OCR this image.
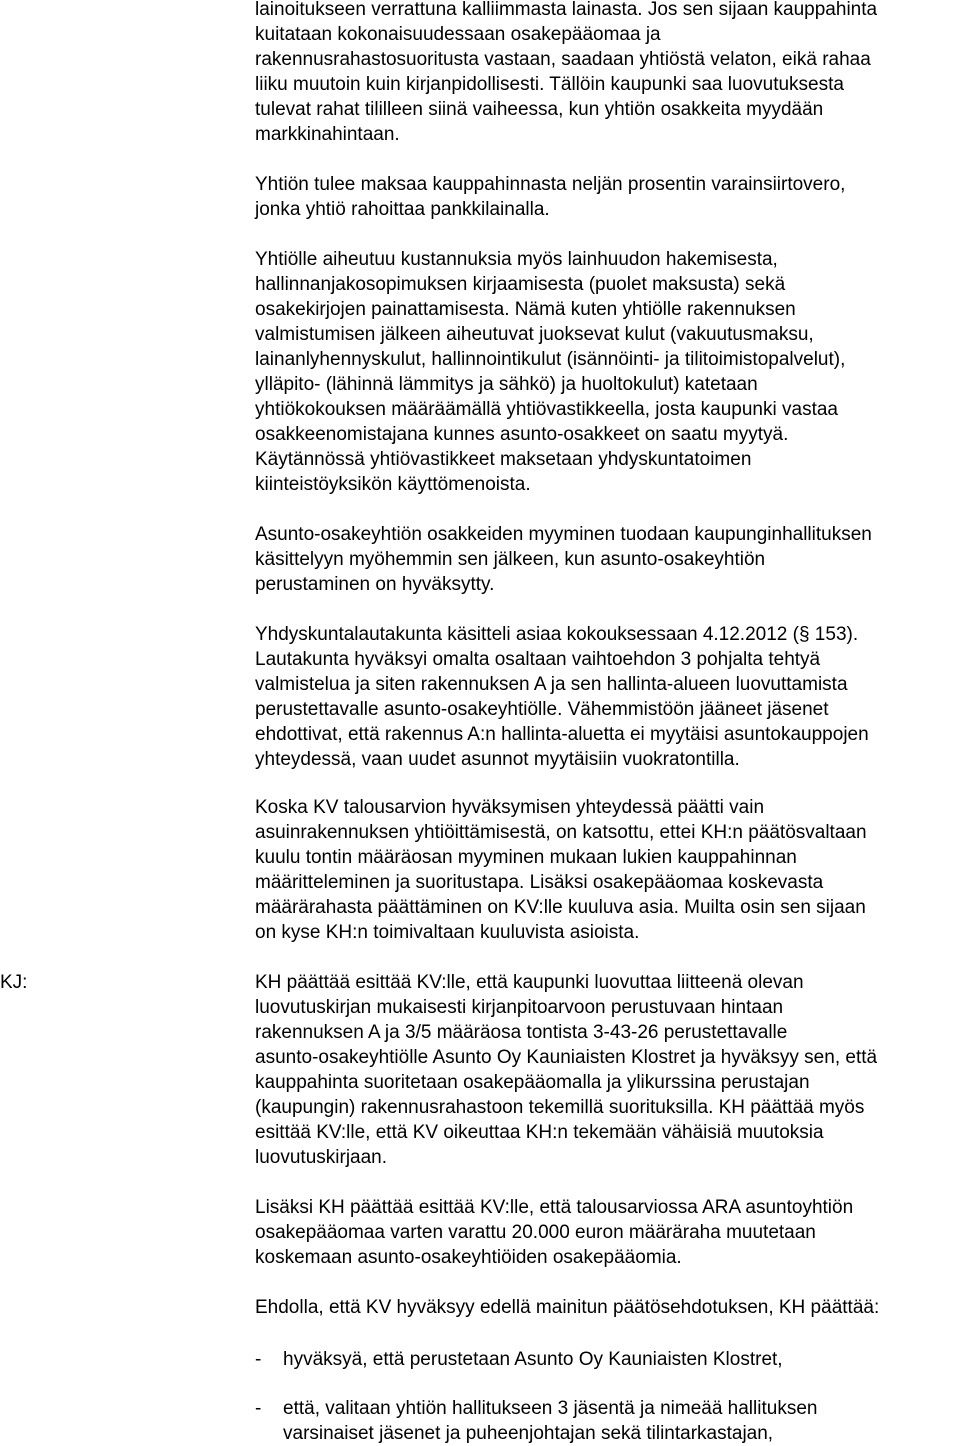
lainoitukseen verrattuna kalliimmasta lainasta. Jos sen sijaan kauppahinta
kuitataan kokonaisuudessaan osakepääomaa ja
rakennusrahastosuoritusta vastaan, saadaan yhtiöstä velaton, eikä rahaa
liiku muutoin kuin kirjanpidollisesti. Tällöin kaupunki saa luovutuksesta
tulevat rahat tililleen siinä vaiheessa, kun yhtiön osakkeita myydään
markkinahintaan.
Yhtiön tulee maksaa kauppahinnasta neljän prosentin varainsiirtovero,
jonka yhtiö rahoittaa pankkilainalla.
Yhtiölle aiheutuu kustannuksia myös lainhuudon hakemisesta,
hallinnanjakosopimuksen kirjaamisesta (puolet maksusta) sekä
osakekirjojen painattamisesta. Nämä kuten yhtiölle rakennuksen
valmistumisen jälkeen aiheutuvat juoksevat kulut (vakuutusmaksu,
lainanlyhennyskulut, hallinnointikulut (isännöinti- ja tilitoimistopalvelut),
ylläpito- (lähinnä lämmitys ja sähkö) ja huoltokulut) katetaan
yhtiökokouksen määräämällä yhtiövastikkeella, josta kaupunki vastaa
osakkeenomistajana kunnes asunto-osakkeet on saatu myytyä.
Käytännössä yhtiövastikkeet maksetaan yhdyskuntatoimen
kiinteistöyksikön käyttömenoista.
Asunto-osakeyhtiön osakkeiden myyminen tuodaan kaupunginhallituksen
käsittelyyn myöhemmin sen jälkeen, kun asunto-osakeyhtiön
perustaminen on hyväksytty.
Yhdyskuntalautakunta käsitteli asiaa kokouksessaan 4.12.2012 (§ 153).
Lautakunta hyväksyi omalta osaltaan vaihtoehdon 3 pohjalta tehtyä
valmistelua ja siten rakennuksen A ja sen hallinta-alueen luovuttamista
perustettavalle asunto-osakeyhtiölle. Vähemmistöön jääneet jäsenet
ehdottivat, että rakennus A:n hallinta-aluetta ei myytäisi asuntokauppojen
yhteydessä, vaan uudet asunnot myytäisiin vuokratontilla.
Koska KV talousarvion hyväksymisen yhteydessä päätti vain
asuinrakennuksen yhtiöittämisestä, on katsottu, ettei KH:n päätösvaltaan
kuulu tontin määräosan myyminen mukaan lukien kauppahinnan
määritteleminen ja suoritustapa. Lisäksi osakepääomaa koskevasta
määrärahasta päättäminen on KV:lle kuuluva asia. Muilta osin sen sijaan
on kyse KH:n toimivaltaan kuuluvista asioista.
KJ:	KH päättää esittää KV:lle, että kaupunki luovuttaa liitteenä olevan
luovutuskirjan mukaisesti kirjanpitoarvoon perustuvaan hintaan
rakennuksen A ja 3/5 määräosa tontista 3-43-26 perustettavalle
asunto-osakeyhtiölle Asunto Oy Kauniaisten Klostret ja hyväksyy sen, että
kauppahinta suoritetaan osakepääomalla ja ylikurssina perustajan
(kaupungin) rakennusrahastoon tekemillä suorituksilla. KH päättää myös
esittää KV:lle, että KV oikeuttaa KH:n tekemään vähäisiä muutoksia
luovutuskirjaan.
Lisäksi KH päättää esittää KV:lle, että talousarviossa ARA asuntoyhtiön
osakepääomaa varten varattu 20.000 euron määräraha muutetaan
koskemaan asunto-osakeyhtiöiden osakepääomia.
Ehdolla, että KV hyväksyy edellä mainitun päätösehdotuksen, KH päättää:
- hyväksyä, että perustetaan Asunto Oy Kauniaisten Klostret,
- että, valitaan yhtiön hallitukseen 3 jäsentä ja nimeää hallituksen
varsinaiset jäsenet ja puheenjohtajan sekä tilintarkastajan,
